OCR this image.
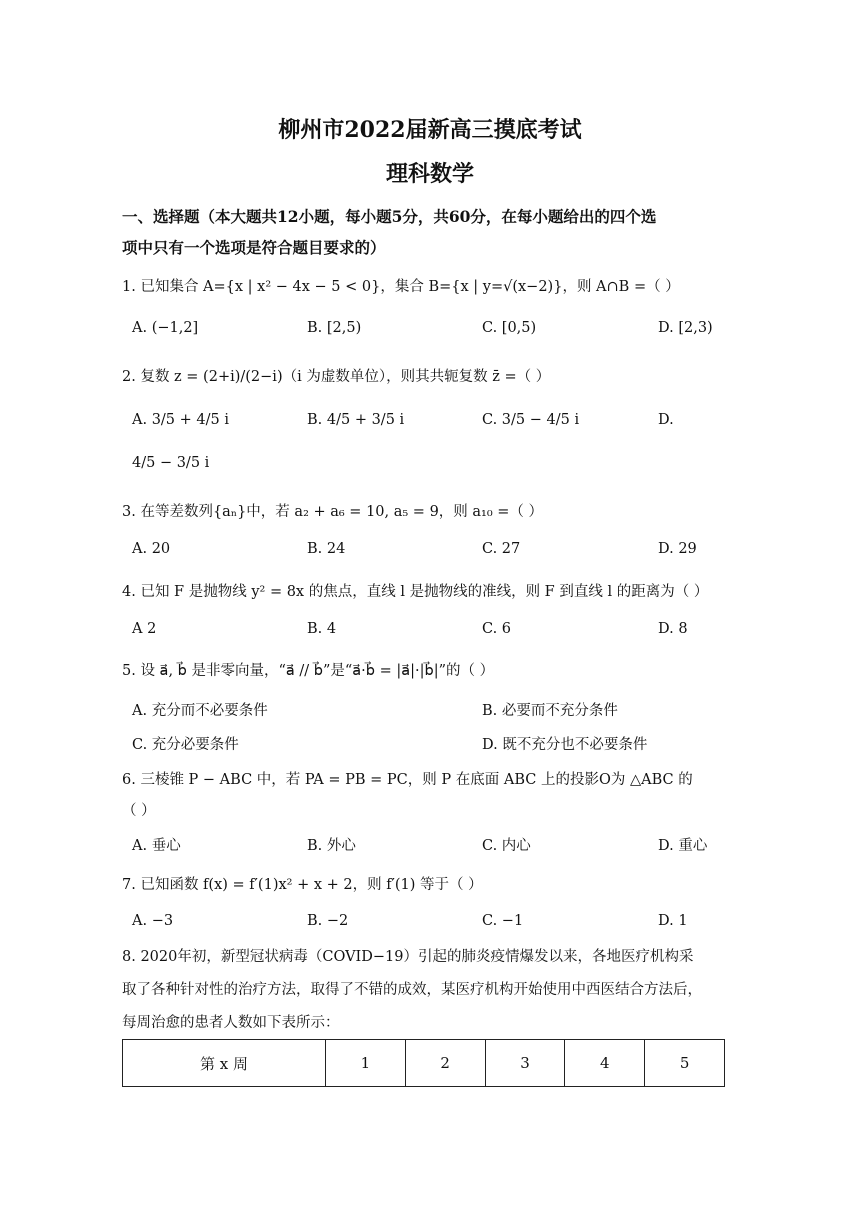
柳州市2022届新高三摸底考试
理科数学
一、选择题（本大题共12小题，每小题5分，共60分，在每小题给出的四个选
项中只有一个选项是符合题目要求的）
1. 已知集合 A={x | x² − 4x − 5 < 0}，集合 B={x | y=√(x−2)}，则 A∩B =（ ）
A. (−1,2]	B. [2,5)	C. [0,5)	D. [2,3)
2. 复数 z = (2+i)/(2−i)（i 为虚数单位），则其共轭复数 z̄ =（ ）
A. 3/5 + 4/5 i	B. 4/5 + 3/5 i	C. 3/5 − 4/5 i	D.
4/5 − 3/5 i
3. 在等差数列{aₙ}中，若 a₂ + a₆ = 10, a₅ = 9，则 a₁₀ =（ ）
A. 20	B. 24	C. 27	D. 29
4. 已知 F 是抛物线 y² = 8x 的焦点，直线 l 是抛物线的准线，则 F 到直线 l 的距离为（ ）
A 2	B. 4	C. 6	D. 8
5. 设 a⃗, b⃗ 是非零向量，“a⃗ // b⃗”是“a⃗·b⃗ = |a⃗|·|b⃗|”的（ ）
A. 充分而不必要条件	B. 必要而不充分条件
C. 充分必要条件	D. 既不充分也不必要条件
6. 三棱锥 P − ABC 中，若 PA = PB = PC，则 P 在底面 ABC 上的投影O为 △ABC 的
（ ）
A. 垂心	B. 外心	C. 内心	D. 重心
7. 已知函数 f(x) = f′(1)x² + x + 2，则 f′(1) 等于（ ）
A. −3	B. −2	C. −1	D. 1
8. 2020年初，新型冠状病毒（COVID−19）引起的肺炎疫情爆发以来，各地医疗机构采
取了各种针对性的治疗方法，取得了不错的成效，某医疗机构开始使用中西医结合方法后，
每周治愈的患者人数如下表所示：
第 x 周	1	2	3	4	5
